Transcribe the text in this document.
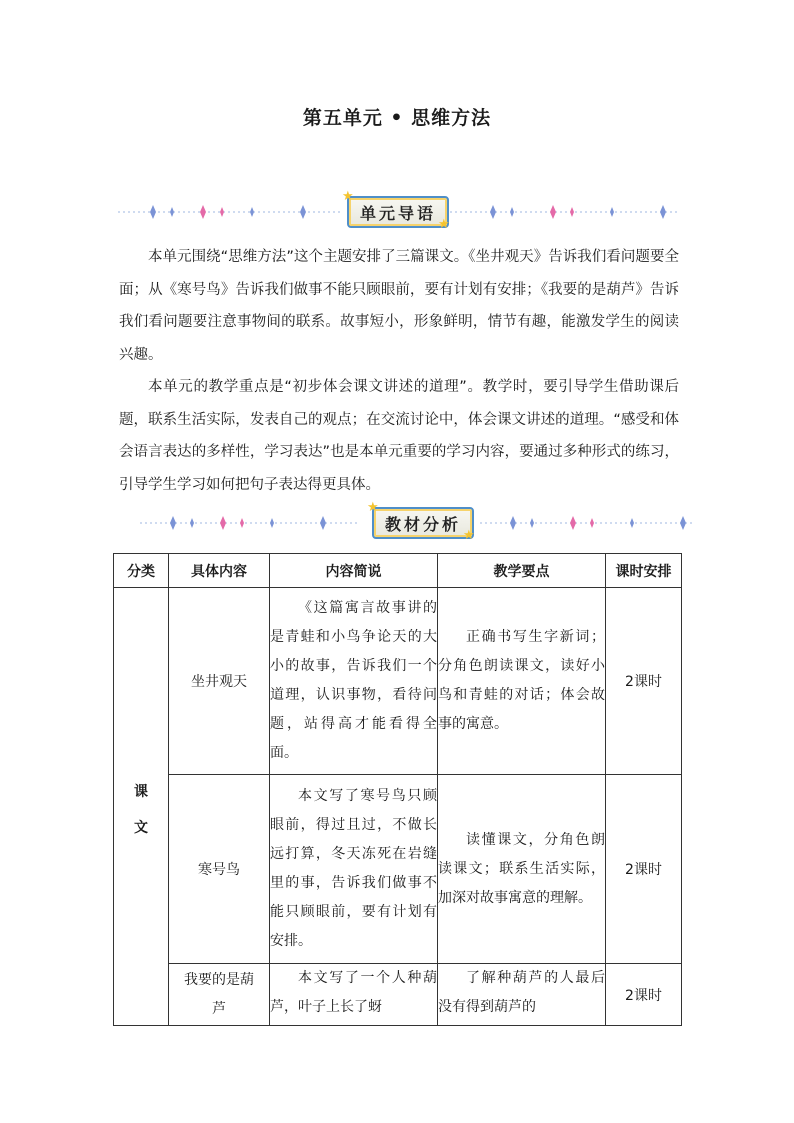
第五单元 • 思维方法
单元导语
★
★

本单元围绕“思维方法”这个主题安排了三篇课文。《坐井观天》告诉我们看问题要全面；从《寒号鸟》告诉我们做事不能只顾眼前，要有计划有安排；《我要的是葫芦》告诉我们看问题要注意事物间的联系。故事短小，形象鲜明，情节有趣，能激发学生的阅读兴趣。

本单元的教学重点是“初步体会课文讲述的道理”。教学时，要引导学生借助课后题，联系生活实际，发表自己的观点；在交流讨论中，体会课文讲述的道理。“感受和体会语言表达的多样性，学习表达”也是本单元重要的学习内容，要通过多种形式的练习，引导学生学习如何把句子表达得更具体。

教材分析
★
★
分类	具体内容	内容简说	教学要点	课时安排

课
文	坐井观天	《这篇寓言故事讲的是青蛙和小鸟争论天的大小的故事，告诉我们一个道理，认识事物，看待问题，站得高才能看得全面。	正确书写生字新词；分角色朗读课文，读好小鸟和青蛙的对话；体会故事的寓意。	2课时
	寒号鸟	本文写了寒号鸟只顾眼前，得过且过，不做长远打算，冬天冻死在岩缝里的事，告诉我们做事不能只顾眼前，要有计划有安排。	读懂课文，分角色朗读课文；联系生活实际，加深对故事寓意的理解。	2课时
	我要的是葫芦	本文写了一个人种葫芦，叶子上长了蚜	了解种葫芦的人最后没有得到葫芦的	2课时
